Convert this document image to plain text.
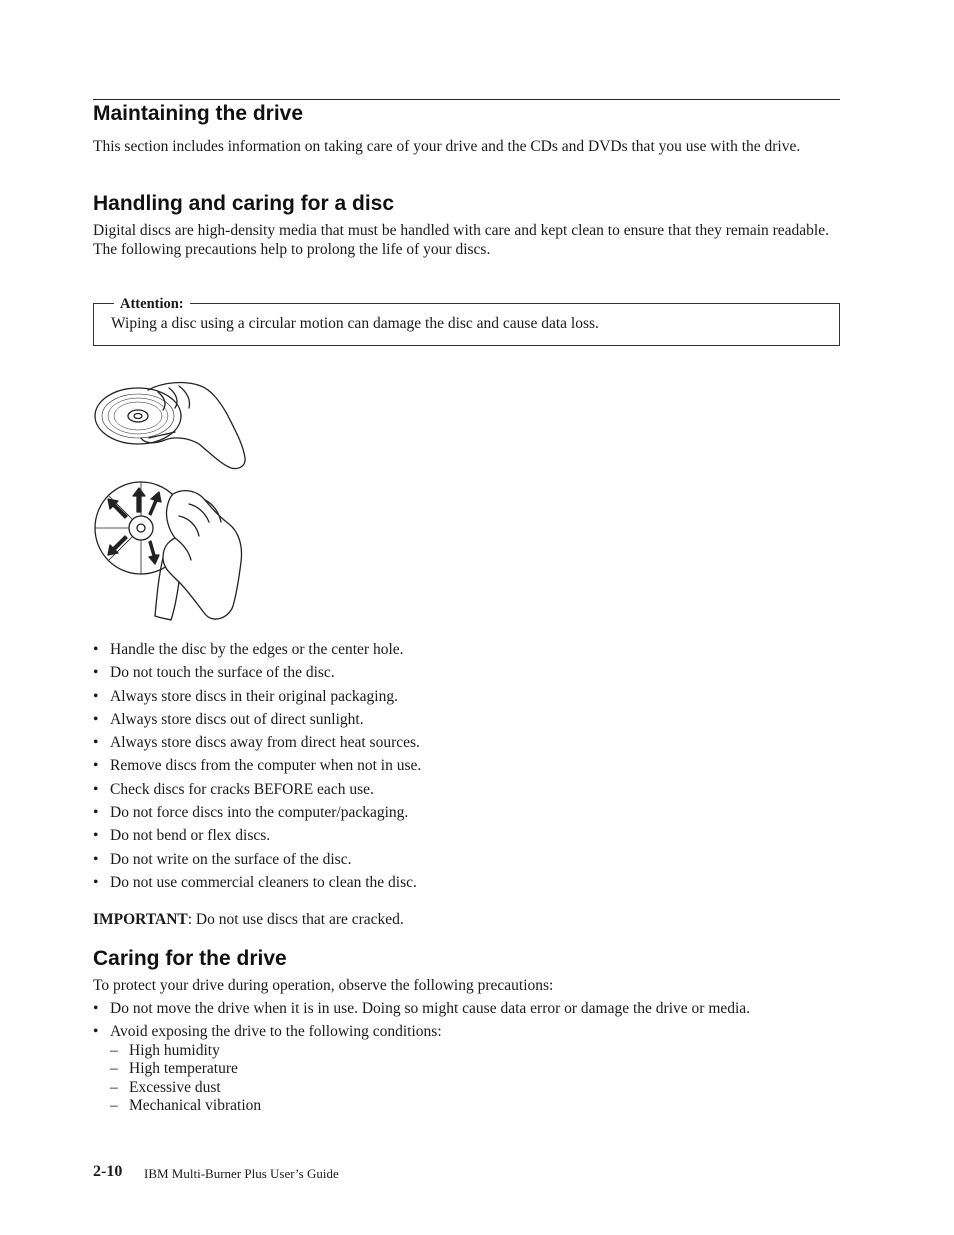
Maintaining the drive

This section includes information on taking care of your drive and the CDs and DVDs that you use with the drive.

Handling and caring for a disc

Digital discs are high-density media that must be handled with care and kept clean to ensure that they remain readable. The following precautions help to prolong the life of your discs.

Attention:
Wiping a disc using a circular motion can damage the disc and cause data loss.
• Handle the disc by the edges or the center hole.
• Do not touch the surface of the disc.
• Always store discs in their original packaging.
• Always store discs out of direct sunlight.
• Always store discs away from direct heat sources.
• Remove discs from the computer when not in use.
• Check discs for cracks BEFORE each use.
• Do not force discs into the computer/packaging.
• Do not bend or flex discs.
• Do not write on the surface of the disc.
• Do not use commercial cleaners to clean the disc.

IMPORTANT: Do not use discs that are cracked.

Caring for the drive

To protect your drive during operation, observe the following precautions:

• Do not move the drive when it is in use. Doing so might cause data error or damage the drive or media.
• Avoid exposing the drive to the following conditions:
– High humidity
– High temperature
– Excessive dust
– Mechanical vibration
2-10 IBM Multi-Burner Plus User’s Guide
